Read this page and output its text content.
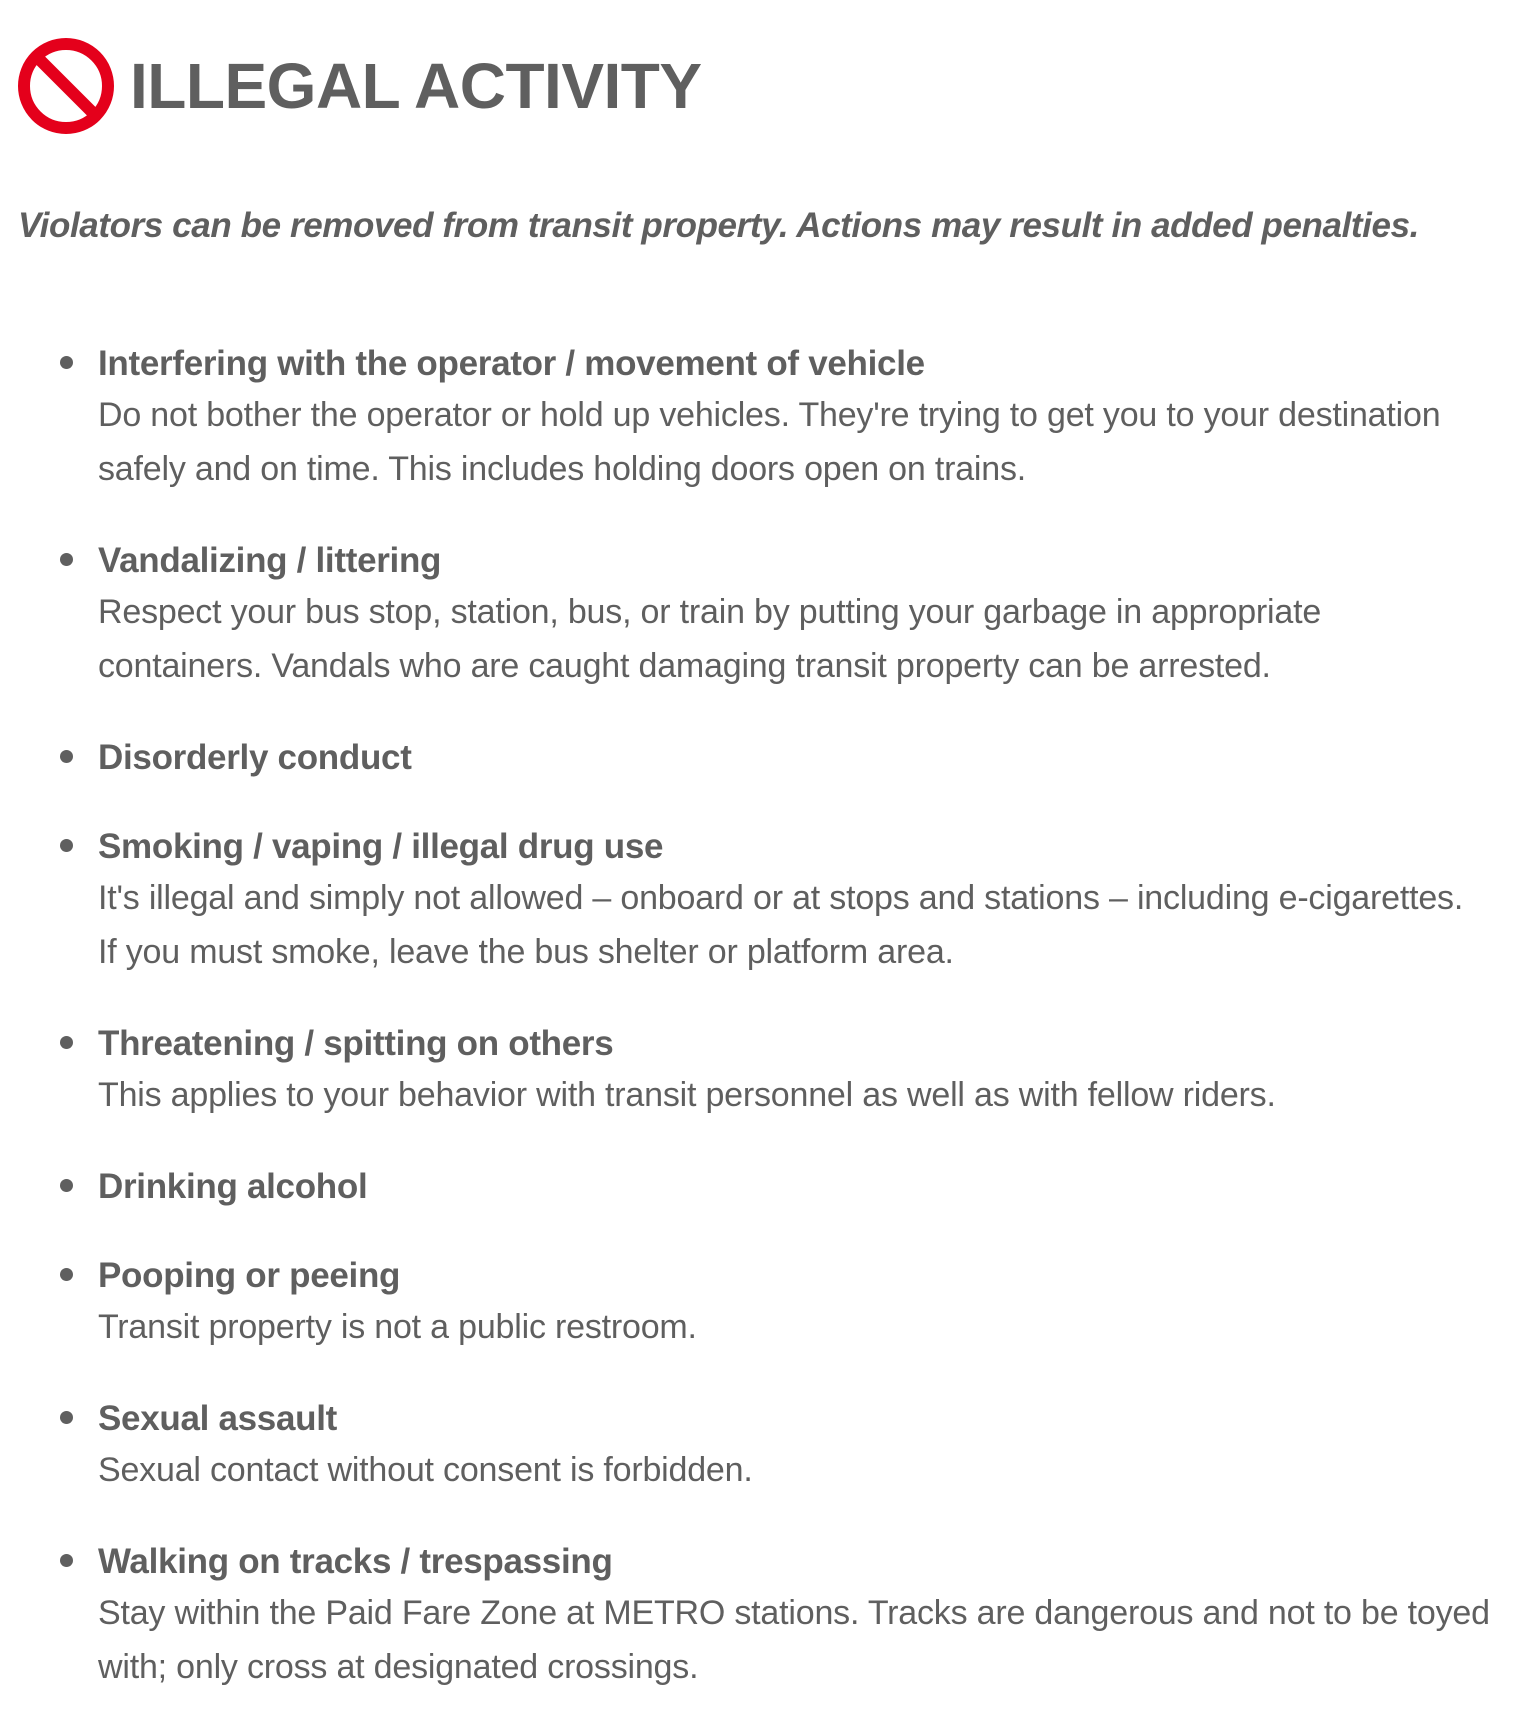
ILLEGAL ACTIVITY
Violators can be removed from transit property. Actions may result in added penalties.
Interfering with the operator / movement of vehicle
Do not bother the operator or hold up vehicles. They're trying to get you to your destination safely and on time. This includes holding doors open on trains.
Vandalizing / littering
Respect your bus stop, station, bus, or train by putting your garbage in appropriate containers. Vandals who are caught damaging transit property can be arrested.
Disorderly conduct
Smoking / vaping / illegal drug use
It's illegal and simply not allowed – onboard or at stops and stations – including e-cigarettes. If you must smoke, leave the bus shelter or platform area.
Threatening / spitting on others
This applies to your behavior with transit personnel as well as with fellow riders.
Drinking alcohol
Pooping or peeing
Transit property is not a public restroom.
Sexual assault
Sexual contact without consent is forbidden.
Walking on tracks / trespassing
Stay within the Paid Fare Zone at METRO stations. Tracks are dangerous and not to be toyed with; only cross at designated crossings.
